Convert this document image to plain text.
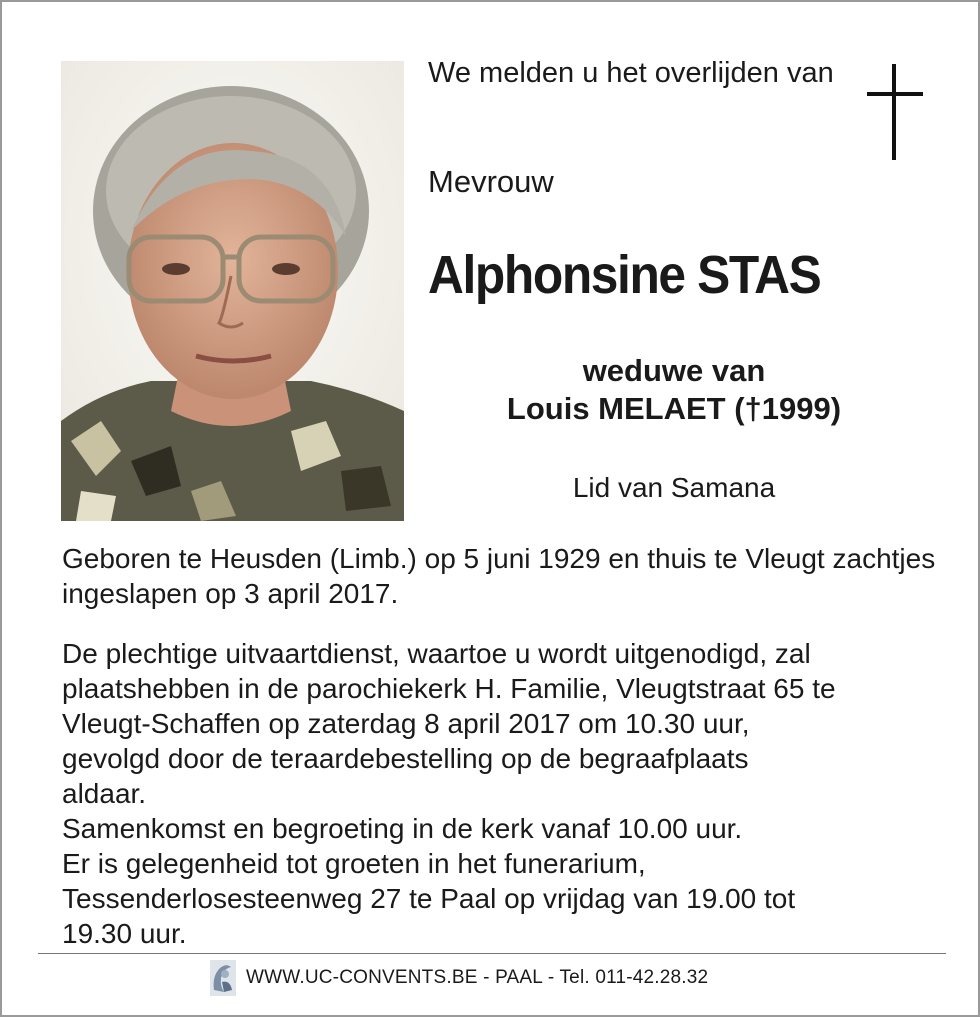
We melden u het overlijden van

Mevrouw

Alphonsine STAS
weduwe van
Louis MELAET (†1999)

Lid van Samana

Geboren te Heusden (Limb.) op 5 juni 1929 en thuis te Vleugt zachtjes ingeslapen op 3 april 2017.

De plechtige uitvaartdienst, waartoe u wordt uitgenodigd, zal
plaatshebben in de parochiekerk H. Familie, Vleugtstraat 65 te
Vleugt-Schaffen op zaterdag 8 april 2017 om 10.30 uur,
gevolgd door de teraardebestelling op de begraafplaats
aldaar.
Samenkomst en begroeting in de kerk vanaf 10.00 uur.
Er is gelegenheid tot groeten in het funerarium,
Tessenderlosesteenweg 27 te Paal op vrijdag van 19.00 tot
19.30 uur.
WWW.UC-CONVENTS.BE - PAAL - Tel. 011-42.28.32
